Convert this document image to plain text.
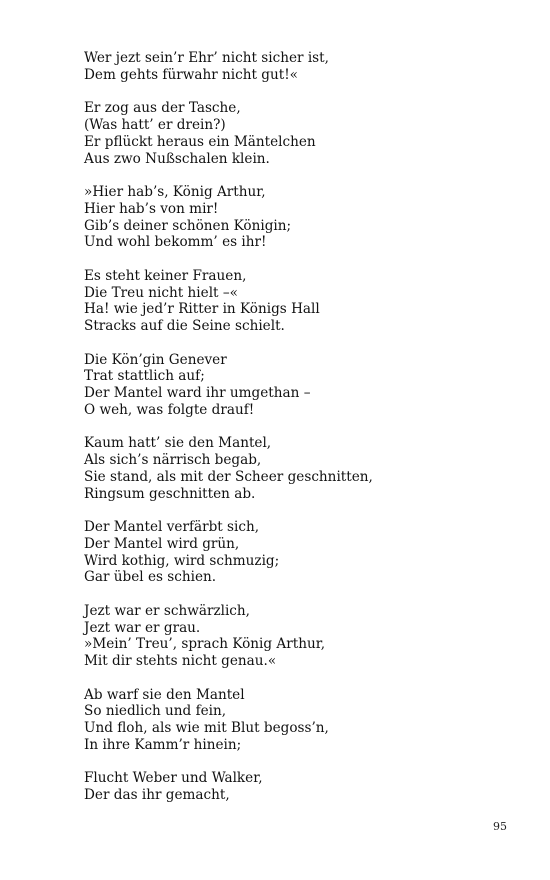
Wer jezt sein’r Ehr’ nicht sicher ist,
Dem gehts fürwahr nicht gut!«
Er zog aus der Tasche,
(Was hatt’ er drein?)
Er pflückt heraus ein Mäntelchen
Aus zwo Nußschalen klein.
»Hier hab’s, König Arthur,
Hier hab’s von mir!
Gib’s deiner schönen Königin;
Und wohl bekomm’ es ihr!
Es steht keiner Frauen,
Die Treu nicht hielt –«
Ha! wie jed’r Ritter in Königs Hall
Stracks auf die Seine schielt.
Die Kön’gin Genever
Trat stattlich auf;
Der Mantel ward ihr umgethan –
O weh, was folgte drauf!
Kaum hatt’ sie den Mantel,
Als sich’s närrisch begab,
Sie stand, als mit der Scheer geschnitten,
Ringsum geschnitten ab.
Der Mantel verfärbt sich,
Der Mantel wird grün,
Wird kothig, wird schmuzig;
Gar übel es schien.
Jezt war er schwärzlich,
Jezt war er grau.
»Mein’ Treu’, sprach König Arthur,
Mit dir stehts nicht genau.«
Ab warf sie den Mantel
So niedlich und fein,
Und floh, als wie mit Blut begoss’n,
In ihre Kamm’r hinein;
Flucht Weber und Walker,
Der das ihr gemacht,
95
